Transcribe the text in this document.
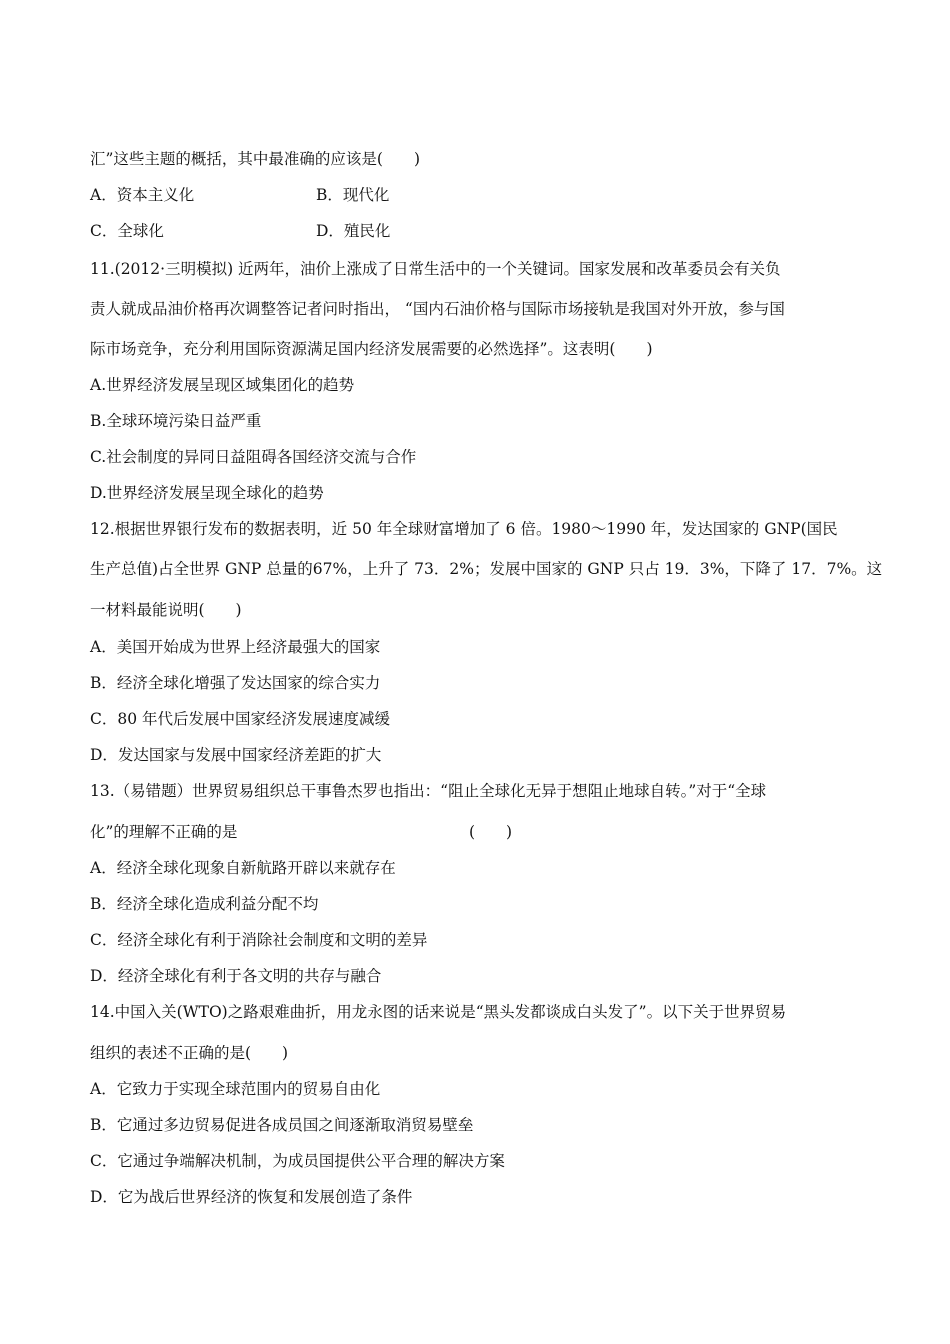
汇”这些主题的概括，其中最准确的应该是(　　)
A．资本主义化	B．现代化
C．全球化	D．殖民化
11.(2012·三明模拟) 近两年，油价上涨成了日常生活中的一个关键词。国家发展和改革委员会有关负
责人就成品油价格再次调整答记者问时指出， “国内石油价格与国际市场接轨是我国对外开放，参与国
际市场竞争，充分利用国际资源满足国内经济发展需要的必然选择”。这表明(　　)
A.世界经济发展呈现区域集团化的趋势
B.全球环境污染日益严重
C.社会制度的异同日益阻碍各国经济交流与合作
D.世界经济发展呈现全球化的趋势
12.根据世界银行发布的数据表明，近 50 年全球财富增加了 6 倍。1980～1990 年，发达国家的 GNP(国民
生产总值)占全世界 GNP 总量的67%，上升了 73．2%；发展中国家的 GNP 只占 19．3%，下降了 17．7%。这
一材料最能说明(　　)
A．美国开始成为世界上经济最强大的国家
B．经济全球化增强了发达国家的综合实力
C．80 年代后发展中国家经济发展速度减缓
D．发达国家与发展中国家经济差距的扩大
13.（易错题）世界贸易组织总干事鲁杰罗也指出：“阻止全球化无异于想阻止地球自转。”对于“全球
化”的理解不正确的是	(　　)
A．经济全球化现象自新航路开辟以来就存在
B．经济全球化造成利益分配不均
C．经济全球化有利于消除社会制度和文明的差异
D．经济全球化有利于各文明的共存与融合
14.中国入关(WTO)之路艰难曲折，用龙永图的话来说是“黑头发都谈成白头发了”。以下关于世界贸易
组织的表述不正确的是(　　)
A．它致力于实现全球范围内的贸易自由化
B．它通过多边贸易促进各成员国之间逐渐取消贸易壁垒
C．它通过争端解决机制，为成员国提供公平合理的解决方案
D．它为战后世界经济的恢复和发展创造了条件
